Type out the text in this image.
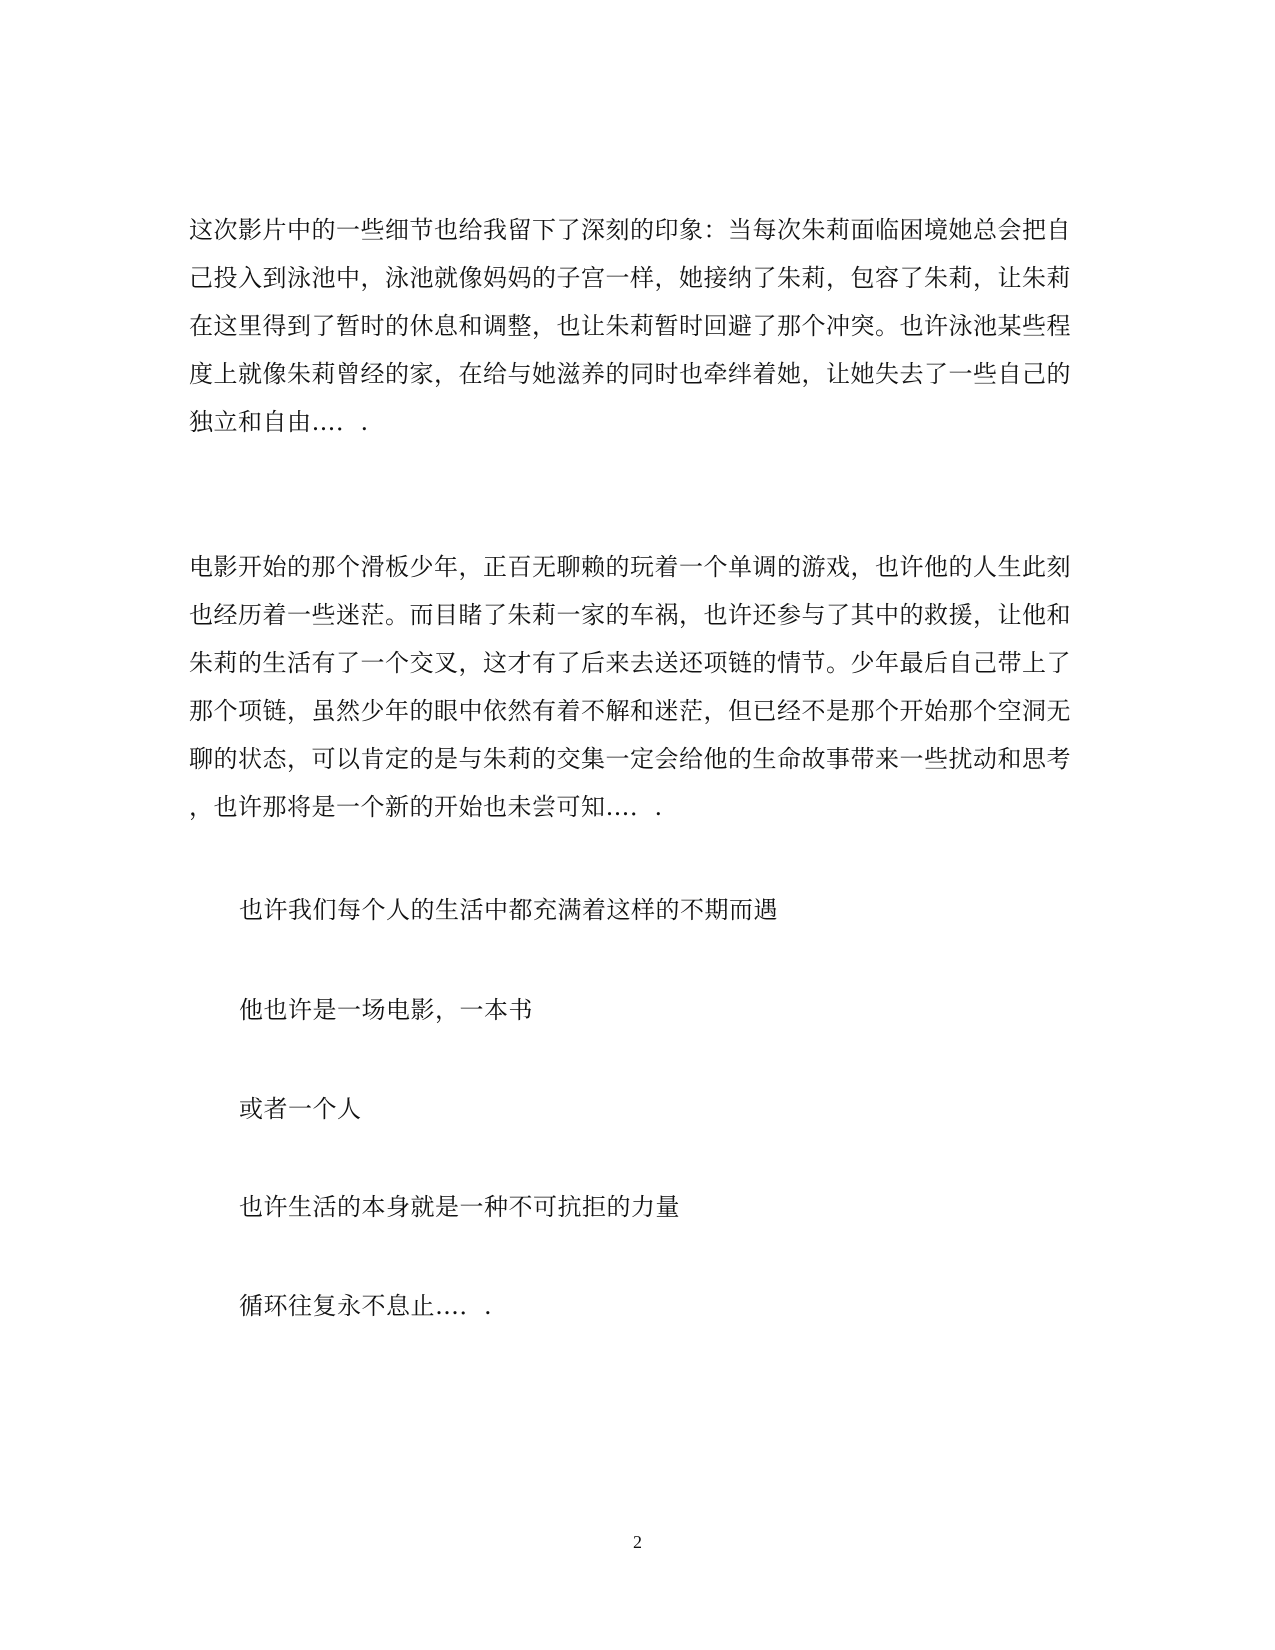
这次影片中的一些细节也给我留下了深刻的印象：当每次朱莉面临困境她总会把自
己投入到泳池中，泳池就像妈妈的子宫一样，她接纳了朱莉，包容了朱莉，让朱莉
在这里得到了暂时的休息和调整，也让朱莉暂时回避了那个冲突。也许泳池某些程
度上就像朱莉曾经的家，在给与她滋养的同时也牵绊着她，让她失去了一些自己的
独立和自由…．.
电影开始的那个滑板少年，正百无聊赖的玩着一个单调的游戏，也许他的人生此刻
也经历着一些迷茫。而目睹了朱莉一家的车祸，也许还参与了其中的救援，让他和
朱莉的生活有了一个交叉，这才有了后来去送还项链的情节。少年最后自己带上了
那个项链，虽然少年的眼中依然有着不解和迷茫，但已经不是那个开始那个空洞无
聊的状态，可以肯定的是与朱莉的交集一定会给他的生命故事带来一些扰动和思考
，也许那将是一个新的开始也未尝可知…．.

也许我们每个人的生活中都充满着这样的不期而遇

他也许是一场电影，一本书

或者一个人

也许生活的本身就是一种不可抗拒的力量

循环往复永不息止…．.

2
